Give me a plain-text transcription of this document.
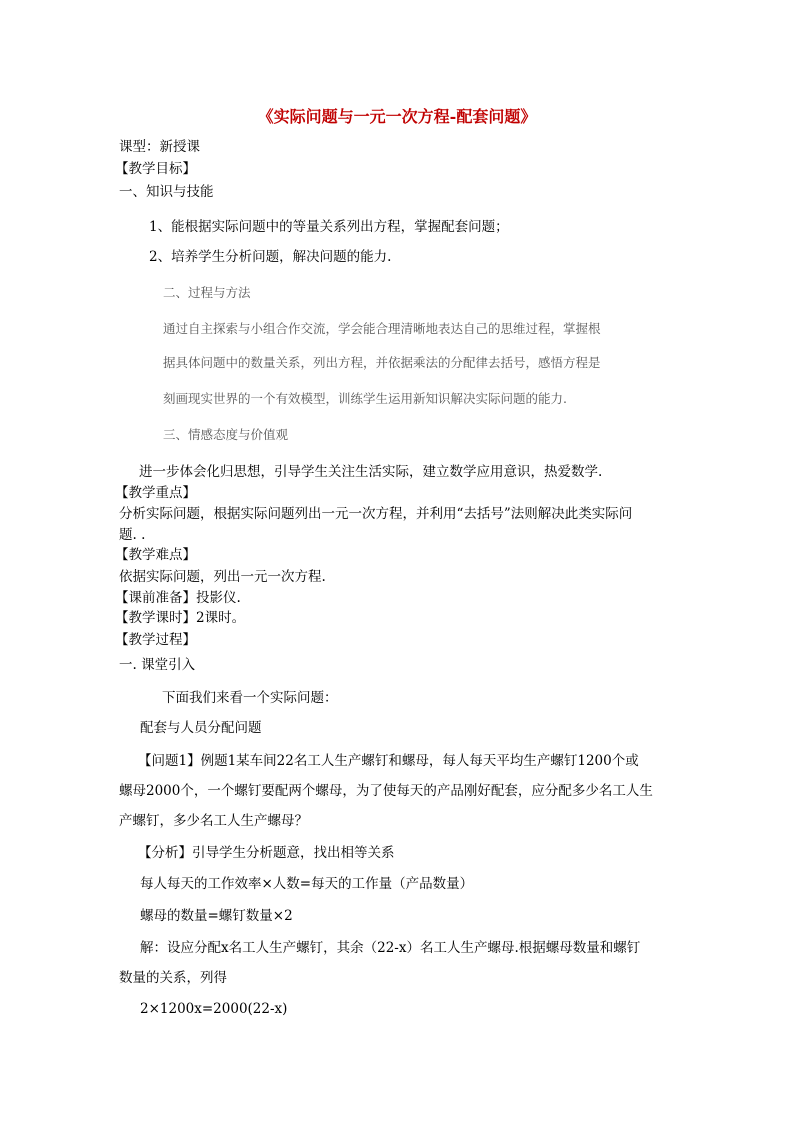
《实际问题与一元一次方程-配套问题》

课型：新授课

【教学目标】

一、知识与技能

1、能根据实际问题中的等量关系列出方程，掌握配套问题；

2、培养学生分析问题，解决问题的能力.

二、过程与方法

通过自主探索与小组合作交流，学会能合理清晰地表达自己的思维过程，掌握根

据具体问题中的数量关系，列出方程，并依据乘法的分配律去括号，感悟方程是

刻画现实世界的一个有效模型，训练学生运用新知识解决实际问题的能力.

三、情感态度与价值观

进一步体会化归思想，引导学生关注生活实际，建立数学应用意识，热爱数学.

【教学重点】

分析实际问题，根据实际问题列出一元一次方程，并利用“去括号”法则解决此类实际问

题. .

【教学难点】

依据实际问题，列出一元一次方程.

【课前准备】投影仪.

【教学课时】2课时。

【教学过程】

一. 课堂引入

下面我们来看一个实际问题：

配套与人员分配问题

【问题1】例题1某车间22名工人生产螺钉和螺母，每人每天平均生产螺钉1200个或

螺母2000个，一个螺钉要配两个螺母，为了使每天的产品刚好配套，应分配多少名工人生

产螺钉，多少名工人生产螺母？

【分析】引导学生分析题意，找出相等关系

每人每天的工作效率×人数=每天的工作量（产品数量）

螺母的数量=螺钉数量×2

解：设应分配x名工人生产螺钉，其余（22-x）名工人生产螺母.根据螺母数量和螺钉

数量的关系，列得

2×1200x=2000(22-x)
